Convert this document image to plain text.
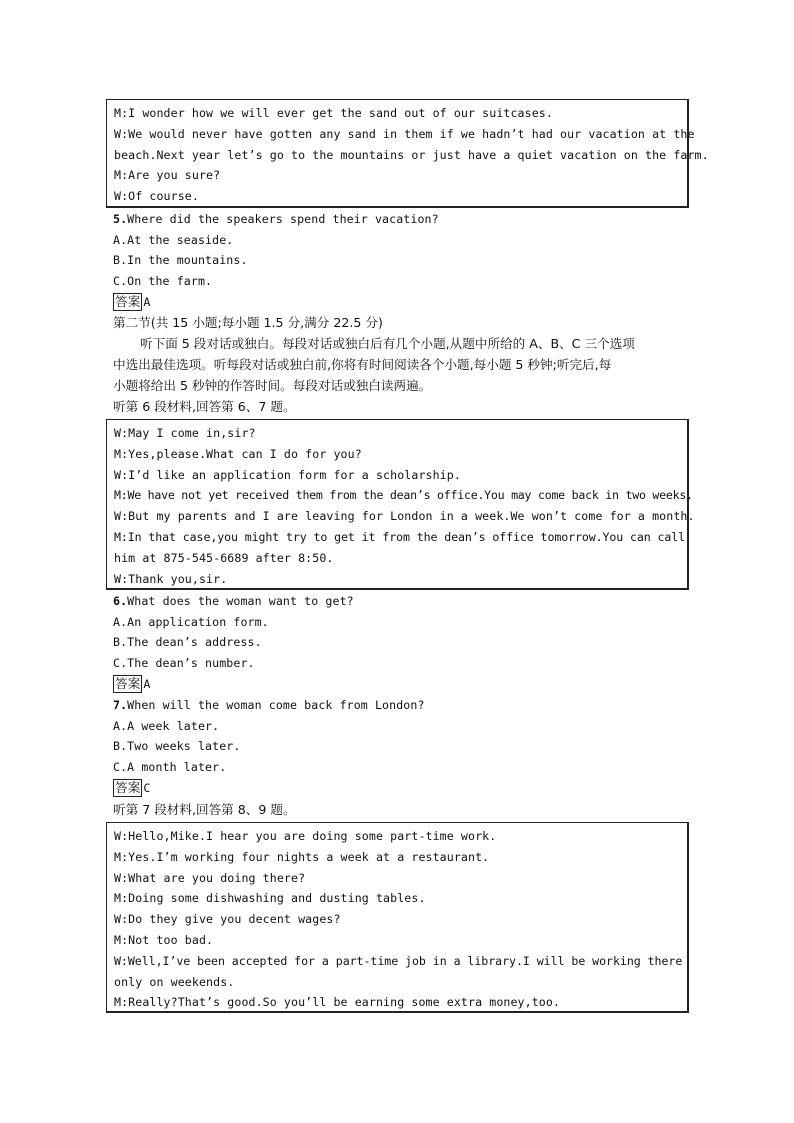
M:I wonder how we will ever get the sand out of our suitcases.
W:We would never have gotten any sand in them if we hadn’t had our vacation at the
beach.Next year let’s go to the mountains or just have a quiet vacation on the farm.
M:Are you sure?
W:Of course.
5.Where did the speakers spend their vacation?
A.At the seaside.
B.In the mountains.
C.On the farm.
答案 A
第二节(共 15 小题;每小题 1.5 分,满分 22.5 分)
听下面 5 段对话或独白。每段对话或独白后有几个小题,从题中所给的 A、B、C 三个选项
中选出最佳选项。听每段对话或独白前,你将有时间阅读各个小题,每小题 5 秒钟;听完后,每
小题将给出 5 秒钟的作答时间。每段对话或独白读两遍。
听第 6 段材料,回答第 6、7 题。
W:May I come in,sir?
M:Yes,please.What can I do for you?
W:I’d like an application form for a scholarship.
M:We have not yet received them from the dean’s office.You may come back in two weeks.
W:But my parents and I are leaving for London in a week.We won’t come for a month.
M:In that case,you might try to get it from the dean’s office tomorrow.You can call
him at 875-545-6689 after 8:50.
W:Thank you,sir.
6.What does the woman want to get?
A.An application form.
B.The dean’s address.
C.The dean’s number.
答案 A
7.When will the woman come back from London?
A.A week later.
B.Two weeks later.
C.A month later.
答案 C
听第 7 段材料,回答第 8、9 题。
W:Hello,Mike.I hear you are doing some part-time work.
M:Yes.I’m working four nights a week at a restaurant.
W:What are you doing there?
M:Doing some dishwashing and dusting tables.
W:Do they give you decent wages?
M:Not too bad.
W:Well,I’ve been accepted for a part-time job in a library.I will be working there
only on weekends.
M:Really?That’s good.So you’ll be earning some extra money,too.
